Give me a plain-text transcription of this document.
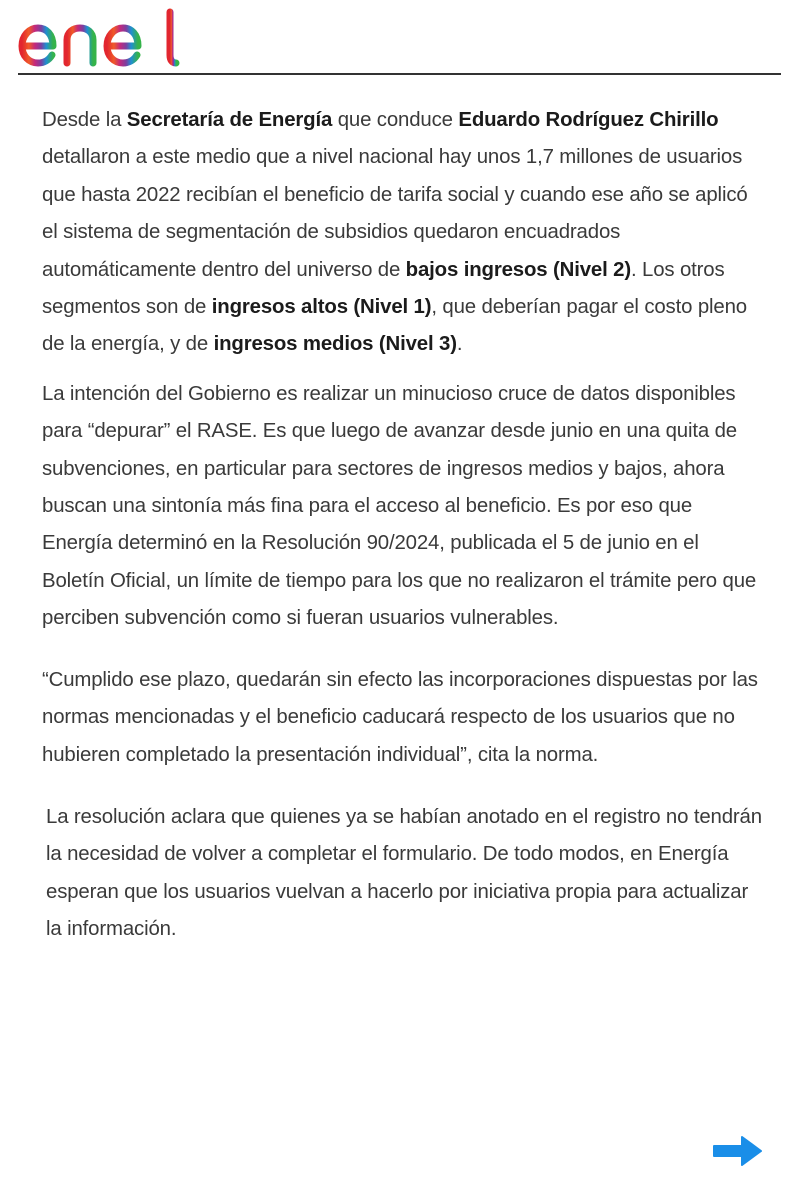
Desde la Secretaría de Energía que conduce Eduardo Rodríguez Chirillo detallaron a este medio que a nivel nacional hay unos 1,7 millones de usuarios que hasta 2022 recibían el beneficio de tarifa social y cuando ese año se aplicó el sistema de segmentación de subsidios quedaron encuadrados automáticamente dentro del universo de bajos ingresos (Nivel 2). Los otros segmentos son de ingresos altos (Nivel 1), que deberían pagar el costo pleno de la energía, y de ingresos medios (Nivel 3).

La intención del Gobierno es realizar un minucioso cruce de datos disponibles para “depurar” el RASE. Es que luego de avanzar desde junio en una quita de subvenciones, en particular para sectores de ingresos medios y bajos, ahora buscan una sintonía más fina para el acceso al beneficio. Es por eso que Energía determinó en la Resolución 90/2024, publicada el 5 de junio en el Boletín Oficial, un límite de tiempo para los que no realizaron el trámite pero que perciben subvención como si fueran usuarios vulnerables.

“Cumplido ese plazo, quedarán sin efecto las incorporaciones dispuestas por las normas mencionadas y el beneficio caducará respecto de los usuarios que no hubieren completado la presentación individual”, cita la norma.

La resolución aclara que quienes ya se habían anotado en el registro no tendrán la necesidad de volver a completar el formulario. De todo modos, en Energía esperan que los usuarios vuelvan a hacerlo por iniciativa propia para actualizar la información.
